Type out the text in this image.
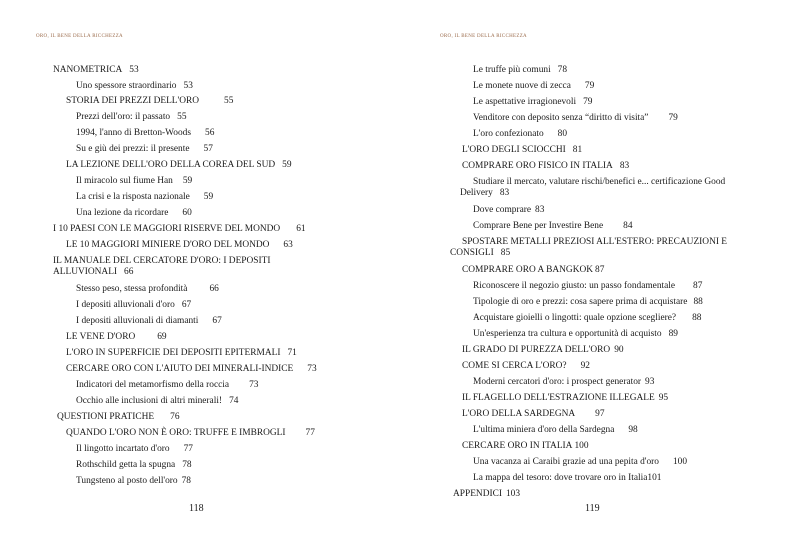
ORO, IL BENE DELLA RICCHEZZA
NANOMETRICA 53
Uno spessore straordinario 53
STORIA DEI PREZZI DELL'ORO	55
Prezzi dell'oro: il passato 55
1994, l'anno di Bretton-Woods 56
Su e giù dei prezzi: il presente 57
LA LEZIONE DELL'ORO DELLA COREA DEL SUD 59
Il miracolo sul fiume Han 59
La crisi e la risposta nazionale 59
Una lezione da ricordare 60
I 10 PAESI CON LE MAGGIORI RISERVE DEL MONDO 61
LE 10 MAGGIORI MINIERE D'ORO DEL MONDO 63
IL MANUALE DEL CERCATORE D'ORO: I DEPOSITI ALLUVIONALI 66
Stesso peso, stessa profondità 66
I depositi alluvionali d'oro 67
I depositi alluvionali di diamanti 67
LE VENE D'ORO 69
L'ORO IN SUPERFICIE DEI DEPOSITI EPITERMALI 71
CERCARE ORO CON L'AIUTO DEI MINERALI-INDICE 73
Indicatori del metamorfismo della roccia 73
Occhio alle inclusioni di altri minerali! 74
QUESTIONI PRATICHE 76
QUANDO L'ORO NON È ORO: TRUFFE E IMBROGLI 77
Il lingotto incartato d'oro 77
Rothschild getta la spugna 78
Tungsteno al posto dell'oro 78
118
ORO, IL BENE DELLA RICCHEZZA
Le truffe più comuni 78
Le monete nuove di zecca 79
Le aspettative irragionevoli 79
Venditore con deposito senza “diritto di visita” 79
L'oro confezionato 80
L'ORO DEGLI SCIOCCHI 81
COMPRARE ORO FISICO IN ITALIA 83
Studiare il mercato, valutare rischi/benefici e... certificazione Good Delivery 83
Dove comprare 83
Comprare Bene per Investire Bene 84
SPOSTARE METALLI PREZIOSI ALL'ESTERO: PRECAUZIONI E CONSIGLI 85
COMPRARE ORO A BANGKOK 87
Riconoscere il negozio giusto: un passo fondamentale 87
Tipologie di oro e prezzi: cosa sapere prima di acquistare 88
Acquistare gioielli o lingotti: quale opzione scegliere? 88
Un'esperienza tra cultura e opportunità di acquisto 89
IL GRADO DI PUREZZA DELL'ORO 90
COME SI CERCA L'ORO? 92
Moderni cercatori d'oro: i prospect generator 93
IL FLAGELLO DELL'ESTRAZIONE ILLEGALE 95
L'ORO DELLA SARDEGNA 97
L'ultima miniera d'oro della Sardegna 98
CERCARE ORO IN ITALIA 100
Una vacanza ai Caraibi grazie ad una pepita d'oro 100
La mappa del tesoro: dove trovare oro in Italia101
APPENDICI 103
119
